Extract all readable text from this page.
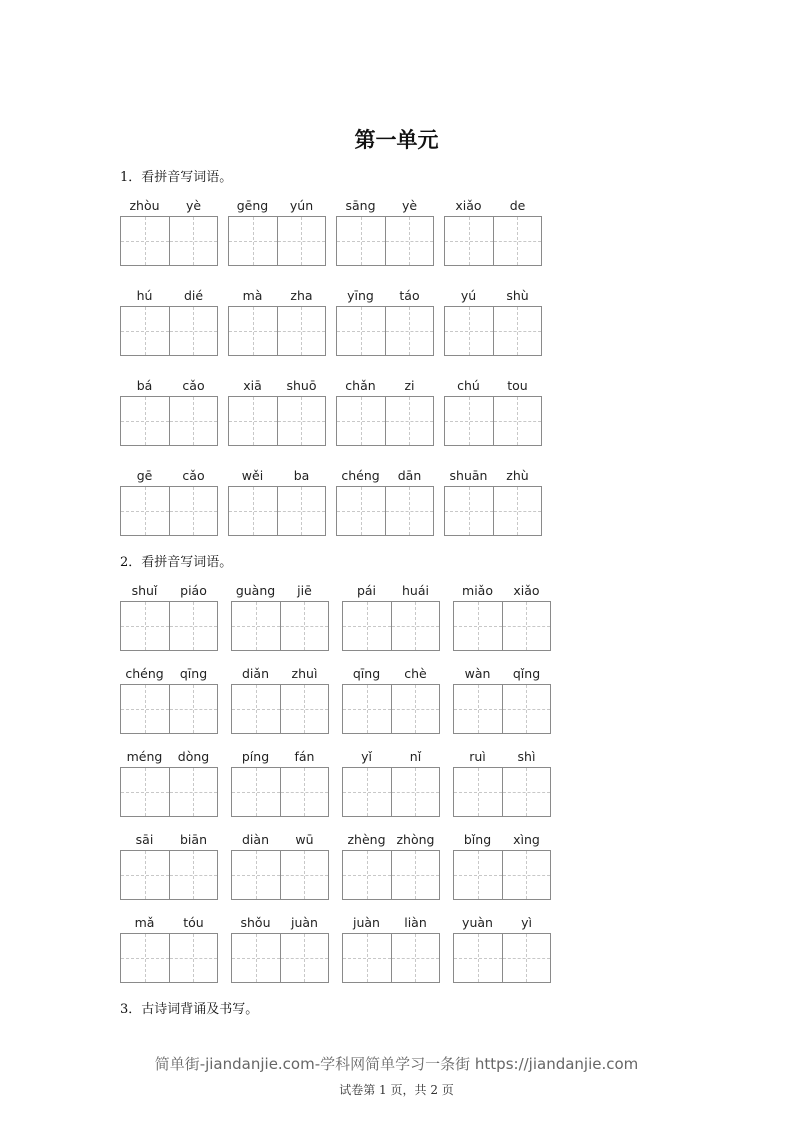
第一单元
1．看拼音写词语。
zhòu	yè	gēng	yún	sāng	yè	xiǎo	de
hú	dié	mà	zha	yīng	táo	yú	shù
bá	cǎo	xiā	shuō	chǎn	zi	chú	tou
gē	cǎo	wěi	ba	chéng	dān	shuān	zhù
2．看拼音写词语。
shuǐ	piáo	guàng	jiē	pái	huái	miǎo	xiǎo
chéng	qīng	diǎn	zhuì	qīng	chè	wàn	qǐng
méng	dòng	píng	fán	yǐ	nǐ	ruì	shì
sāi	biān	diàn	wū	zhèng zhòng	bǐng	xìng
mǎ	tóu	shǒu	juàn	juàn	liàn	yuàn	yì
3．古诗词背诵及书写。
简单街-jiandanjie.com-学科网简单学习一条街 https://jiandanjie.com
试卷第 1 页，共 2 页
